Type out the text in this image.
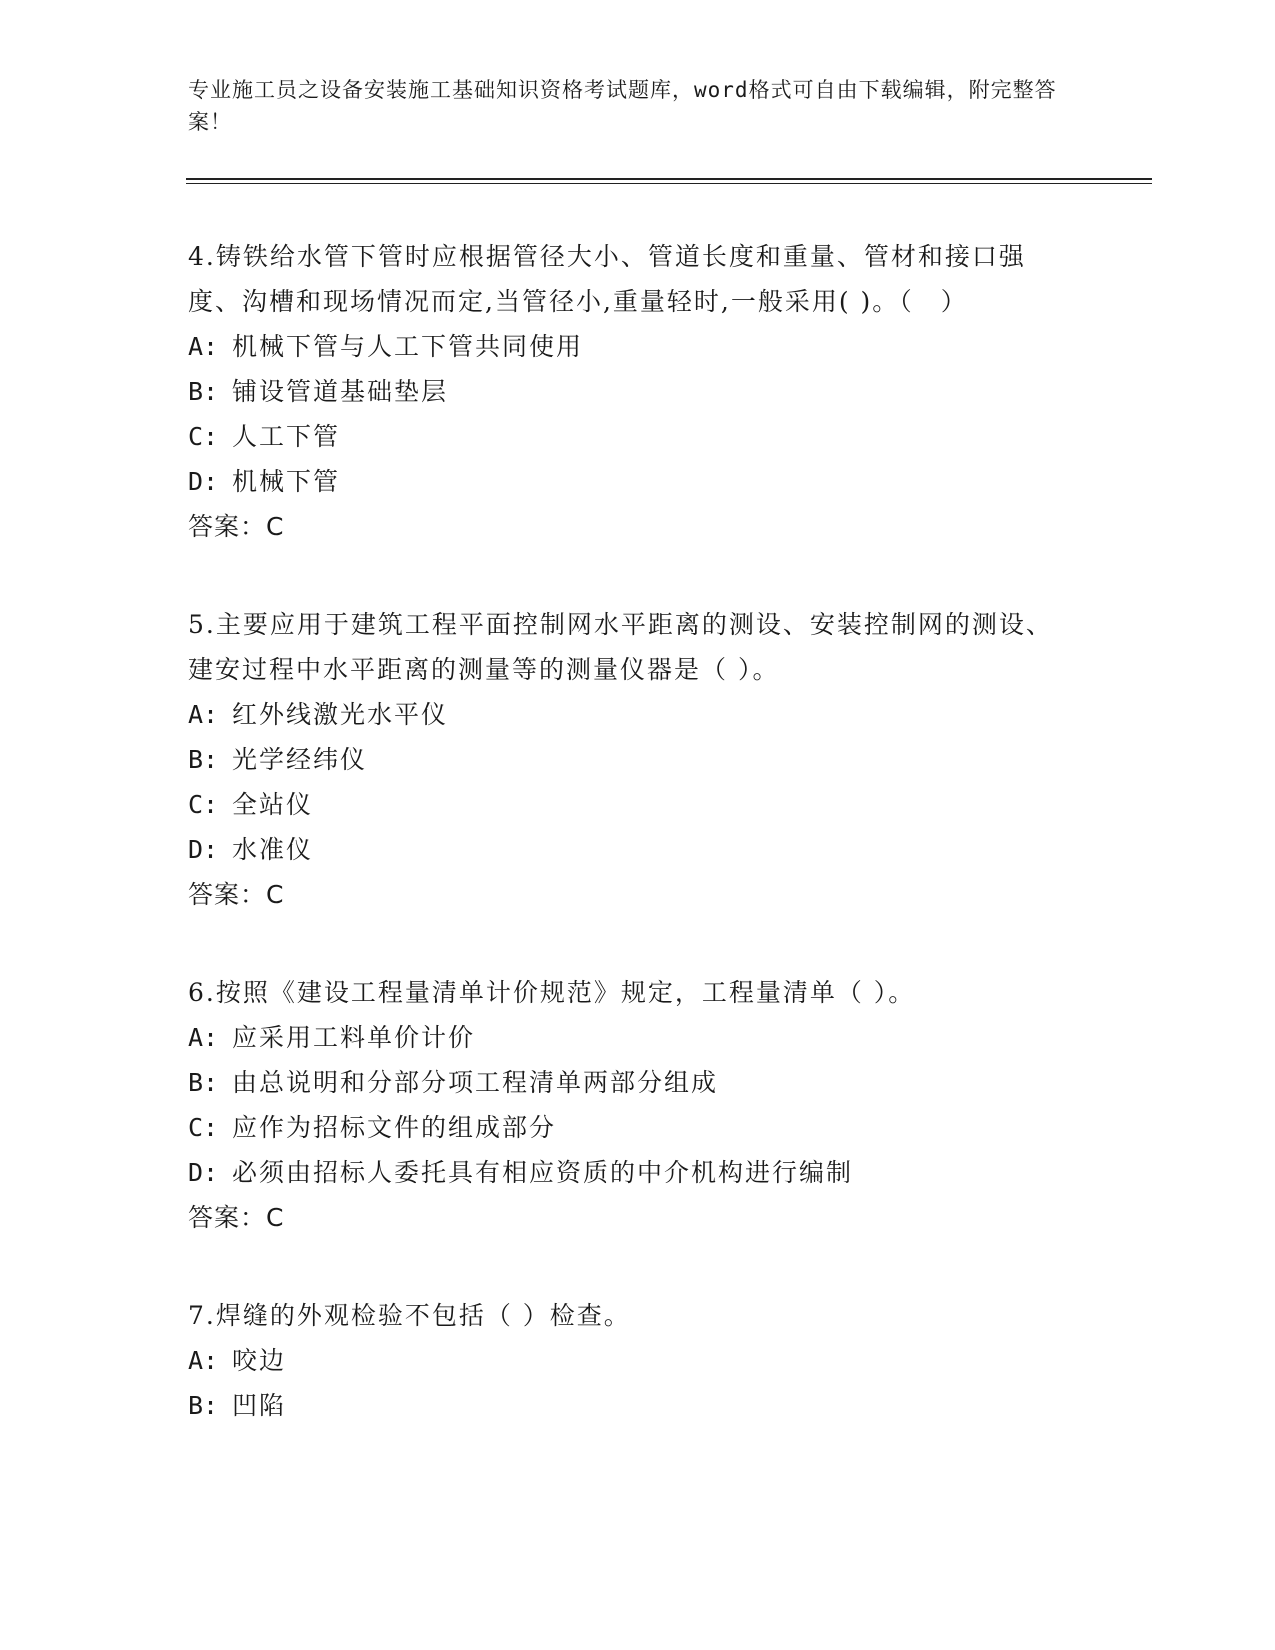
专业施工员之设备安装施工基础知识资格考试题库，word格式可自由下载编辑，附完整答案！
4.铸铁给水管下管时应根据管径大小、管道长度和重量、管材和接口强度、沟槽和现场情况而定,当管径小,重量轻时,一般采用( )。（　）
A: 机械下管与人工下管共同使用
B: 铺设管道基础垫层
C: 人工下管
D: 机械下管
答案：C
5.主要应用于建筑工程平面控制网水平距离的测设、安装控制网的测设、建安过程中水平距离的测量等的测量仪器是（ ）。
A: 红外线激光水平仪
B: 光学经纬仪
C: 全站仪
D: 水准仪
答案：C
6.按照《建设工程量清单计价规范》规定，工程量清单（ ）。
A: 应采用工料单价计价
B: 由总说明和分部分项工程清单两部分组成
C: 应作为招标文件的组成部分
D: 必须由招标人委托具有相应资质的中介机构进行编制
答案：C
7.焊缝的外观检验不包括（ ）检查。
A: 咬边
B: 凹陷
